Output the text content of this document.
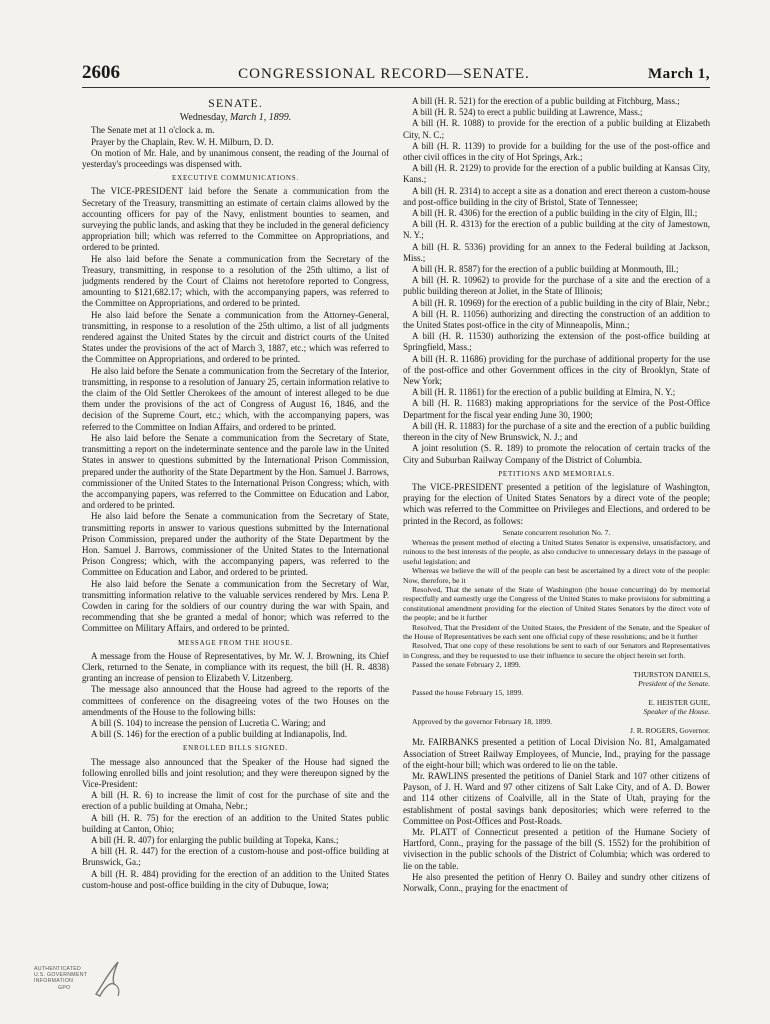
2606	CONGRESSIONAL RECORD—SENATE.	March 1,
SENATE.
Wednesday, March 1, 1899.

The Senate met at 11 o'clock a. m.

Prayer by the Chaplain, Rev. W. H. Milburn, D. D.

On motion of Mr. Hale, and by unanimous consent, the reading of the Journal of yesterday's proceedings was dispensed with.

EXECUTIVE COMMUNICATIONS.

The VICE-PRESIDENT laid before the Senate a communication from the Secretary of the Treasury, transmitting an estimate of certain claims allowed by the accounting officers for pay of the Navy, enlistment bounties to seamen, and surveying the public lands, and asking that they be included in the general deficiency appropriation bill; which was referred to the Committee on Appropriations, and ordered to be printed.

He also laid before the Senate a communication from the Secretary of the Treasury, transmitting, in response to a resolution of the 25th ultimo, a list of judgments rendered by the Court of Claims not heretofore reported to Congress, amounting to $121,682.17; which, with the accompanying papers, was referred to the Committee on Appropriations, and ordered to be printed.

He also laid before the Senate a communication from the Attorney-General, transmitting, in response to a resolution of the 25th ultimo, a list of all judgments rendered against the United States by the circuit and district courts of the United States under the provisions of the act of March 3, 1887, etc.; which was referred to the Committee on Appropriations, and ordered to be printed.

He also laid before the Senate a communication from the Secretary of the Interior, transmitting, in response to a resolution of January 25, certain information relative to the claim of the Old Settler Cherokees of the amount of interest alleged to be due them under the provisions of the act of Congress of August 16, 1846, and the decision of the Supreme Court, etc.; which, with the accompanying papers, was referred to the Committee on Indian Affairs, and ordered to be printed.

He also laid before the Senate a communication from the Secretary of State, transmitting a report on the indeterminate sentence and the parole law in the United States in answer to questions submitted by the International Prison Commission, prepared under the authority of the State Department by the Hon. Samuel J. Barrows, commissioner of the United States to the International Prison Congress; which, with the accompanying papers, was referred to the Committee on Education and Labor, and ordered to be printed.

He also laid before the Senate a communication from the Secretary of State, transmitting reports in answer to various questions submitted by the International Prison Commission, prepared under the authority of the State Department by the Hon. Samuel J. Barrows, commissioner of the United States to the International Prison Congress; which, with the accompanying papers, was referred to the Committee on Education and Labor, and ordered to be printed.

He also laid before the Senate a communication from the Secretary of War, transmitting information relative to the valuable services rendered by Mrs. Lena P. Cowden in caring for the soldiers of our country during the war with Spain, and recommending that she be granted a medal of honor; which was referred to the Committee on Military Affairs, and ordered to be printed.

MESSAGE FROM THE HOUSE.

A message from the House of Representatives, by Mr. W. J. Browning, its Chief Clerk, returned to the Senate, in compliance with its request, the bill (H. R. 4838) granting an increase of pension to Elizabeth V. Litzenberg.

The message also announced that the House had agreed to the reports of the committees of conference on the disagreeing votes of the two Houses on the amendments of the House to the following bills:

A bill (S. 104) to increase the pension of Lucretia C. Waring; and

A bill (S. 146) for the erection of a public building at Indianapolis, Ind.

ENROLLED BILLS SIGNED.

The message also announced that the Speaker of the House had signed the following enrolled bills and joint resolution; and they were thereupon signed by the Vice-President:

A bill (H. R. 6) to increase the limit of cost for the purchase of site and the erection of a public building at Omaha, Nebr.;

A bill (H. R. 75) for the erection of an addition to the United States public building at Canton, Ohio;

A bill (H. R. 407) for enlarging the public building at Topeka, Kans.;

A bill (H. R. 447) for the erection of a custom-house and post-office building at Brunswick, Ga.;

A bill (H. R. 484) providing for the erection of an addition to the United States custom-house and post-office building in the city of Dubuque, Iowa;

A bill (H. R. 521) for the erection of a public building at Fitchburg, Mass.;

A bill (H. R. 524) to erect a public building at Lawrence, Mass.;

A bill (H. R. 1088) to provide for the erection of a public building at Elizabeth City, N. C.;

A bill (H. R. 1139) to provide for a building for the use of the post-office and other civil offices in the city of Hot Springs, Ark.;

A bill (H. R. 2129) to provide for the erection of a public building at Kansas City, Kans.;

A bill (H. R. 2314) to accept a site as a donation and erect thereon a custom-house and post-office building in the city of Bristol, State of Tennessee;

A bill (H. R. 4306) for the erection of a public building in the city of Elgin, Ill.;

A bill (H. R. 4313) for the erection of a public building at the city of Jamestown, N. Y.;

A bill (H. R. 5336) providing for an annex to the Federal building at Jackson, Miss.;

A bill (H. R. 8587) for the erection of a public building at Monmouth, Ill.;

A bill (H. R. 10962) to provide for the purchase of a site and the erection of a public building thereon at Joliet, in the State of Illinois;

A bill (H. R. 10969) for the erection of a public building in the city of Blair, Nebr.;

A bill (H. R. 11056) authorizing and directing the construction of an addition to the United States post-office in the city of Minneapolis, Minn.;

A bill (H. R. 11530) authorizing the extension of the post-office building at Springfield, Mass.;

A bill (H. R. 11686) providing for the purchase of additional property for the use of the post-office and other Government offices in the city of Brooklyn, State of New York;

A bill (H. R. 11861) for the erection of a public building at Elmira, N. Y.;

A bill (H. R. 11683) making appropriations for the service of the Post-Office Department for the fiscal year ending June 30, 1900;

A bill (H. R. 11883) for the purchase of a site and the erection of a public building thereon in the city of New Brunswick, N. J.; and

A joint resolution (S. R. 189) to promote the relocation of certain tracks of the City and Suburban Railway Company of the District of Columbia.

PETITIONS AND MEMORIALS.

The VICE-PRESIDENT presented a petition of the legislature of Washington, praying for the election of United States Senators by a direct vote of the people; which was referred to the Committee on Privileges and Elections, and ordered to be printed in the Record, as follows:

Senate concurrent resolution No. 7.

Whereas the present method of electing a United States Senator is expensive, unsatisfactory, and ruinous to the best interests of the people, as also conducive to unnecessary delays in the passage of useful legislation; and

Whereas we believe the will of the people can best be ascertained by a direct vote of the people: Now, therefore, be it

Resolved, That the senate of the State of Washington (the house concurring) do by memorial respectfully and earnestly urge the Congress of the United States to make provisions for submitting a constitutional amendment providing for the election of United States Senators by the direct vote of the people; and be it further

Resolved, That the President of the United States, the President of the Senate, and the Speaker of the House of Representatives be each sent one official copy of these resolutions; and be it further

Resolved, That one copy of these resolutions be sent to each of our Senators and Representatives in Congress, and they be requested to use their influence to secure the object herein set forth.

Passed the senate February 2, 1899.

THURSTON DANIELS,
President of the Senate.
Passed the house February 15, 1899.
E. HEISTER GUIE,
Speaker of the House.
Approved by the governor February 18, 1899.
J. R. ROGERS, Governor.

Mr. FAIRBANKS presented a petition of Local Division No. 81, Amalgamated Association of Street Railway Employees, of Muncie, Ind., praying for the passage of the eight-hour bill; which was ordered to lie on the table.

Mr. RAWLINS presented the petitions of Daniel Stark and 107 other citizens of Payson, of J. H. Ward and 97 other citizens of Salt Lake City, and of A. D. Bower and 114 other citizens of Coalville, all in the State of Utah, praying for the establishment of postal savings bank depositories; which were referred to the Committee on Post-Offices and Post-Roads.

Mr. PLATT of Connecticut presented a petition of the Humane Society of Hartford, Conn., praying for the passage of the bill (S. 1552) for the prohibition of vivisection in the public schools of the District of Columbia; which was ordered to lie on the table.

He also presented the petition of Henry O. Bailey and sundry other citizens of Norwalk, Conn., praying for the enactment of

AUTHENTICATED
U.S. GOVERNMENT
INFORMATION
GPO
